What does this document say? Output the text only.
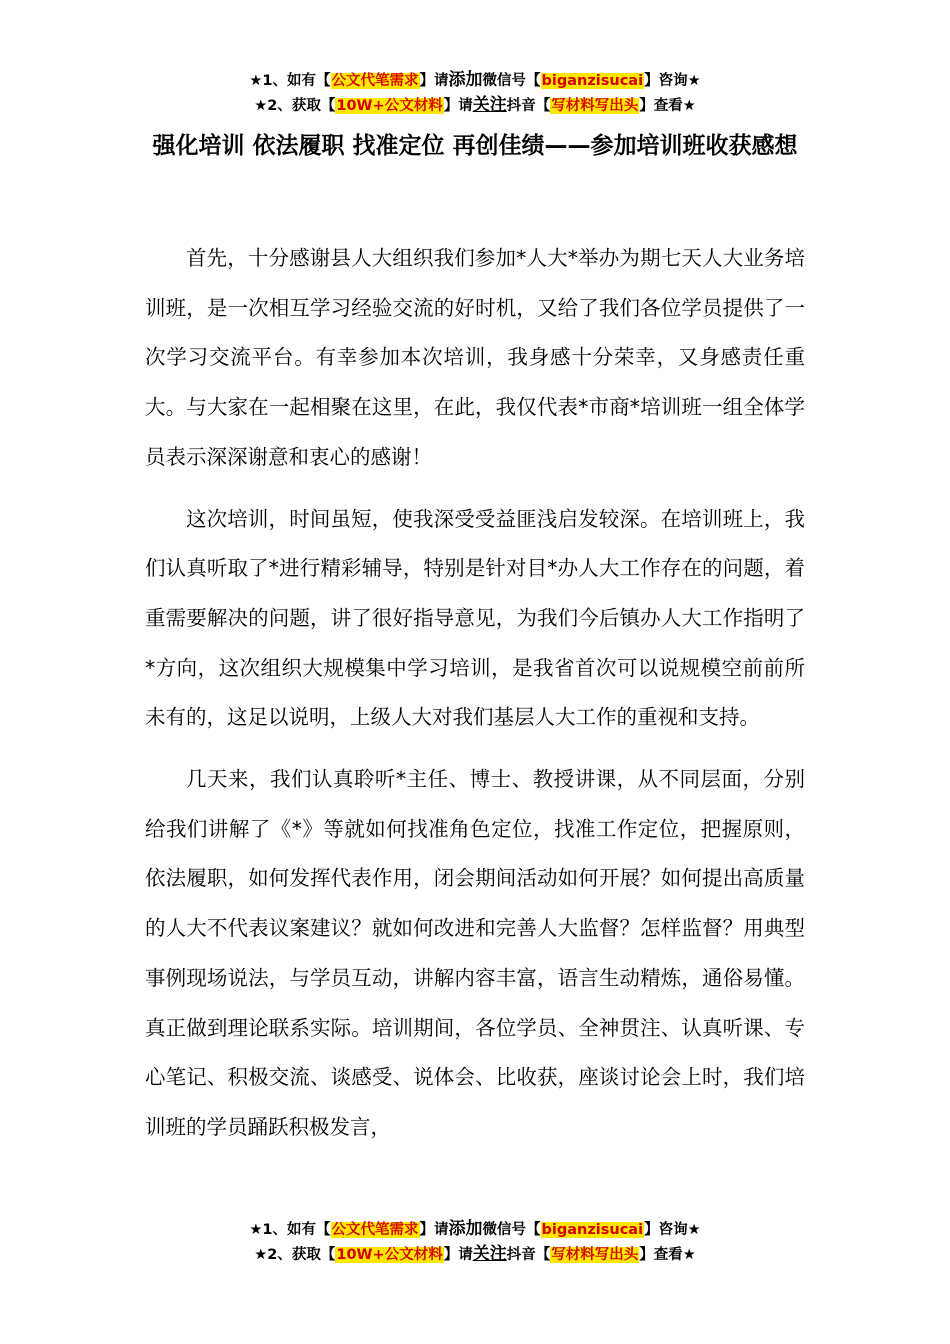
★1、如有【公文代笔需求】请添加微信号【biganzisucai】咨询★
★2、获取【10W+公文材料】请关注抖音【写材料写出头】查看★
强化培训 依法履职 找准定位 再创佳绩——参加培训班收获感想

首先，十分感谢县人大组织我们参加*人大*举办为期七天人大业务培训班，是一次相互学习经验交流的好时机，又给了我们各位学员提供了一次学习交流平台。有幸参加本次培训，我身感十分荣幸，又身感责任重大。与大家在一起相聚在这里，在此，我仅代表*市商*培训班一组全体学员表示深深谢意和衷心的感谢！

这次培训，时间虽短，使我深受受益匪浅启发较深。在培训班上，我们认真听取了*进行精彩辅导，特别是针对目*办人大工作存在的问题，着重需要解决的问题，讲了很好指导意见，为我们今后镇办人大工作指明了*方向，这次组织大规模集中学习培训，是我省首次可以说规模空前前所未有的，这足以说明，上级人大对我们基层人大工作的重视和支持。

几天来，我们认真聆听*主任、博士、教授讲课，从不同层面，分别给我们讲解了《*》等就如何找准角色定位，找准工作定位，把握原则，依法履职，如何发挥代表作用，闭会期间活动如何开展？如何提出高质量的人大不代表议案建议？就如何改进和完善人大监督？怎样监督？用典型事例现场说法，与学员互动，讲解内容丰富，语言生动精炼，通俗易懂。真正做到理论联系实际。培训期间，各位学员、全神贯注、认真听课、专心笔记、积极交流、谈感受、说体会、比收获，座谈讨论会上时，我们培训班的学员踊跃积极发言，

★1、如有【公文代笔需求】请添加微信号【biganzisucai】咨询★
★2、获取【10W+公文材料】请关注抖音【写材料写出头】查看★
